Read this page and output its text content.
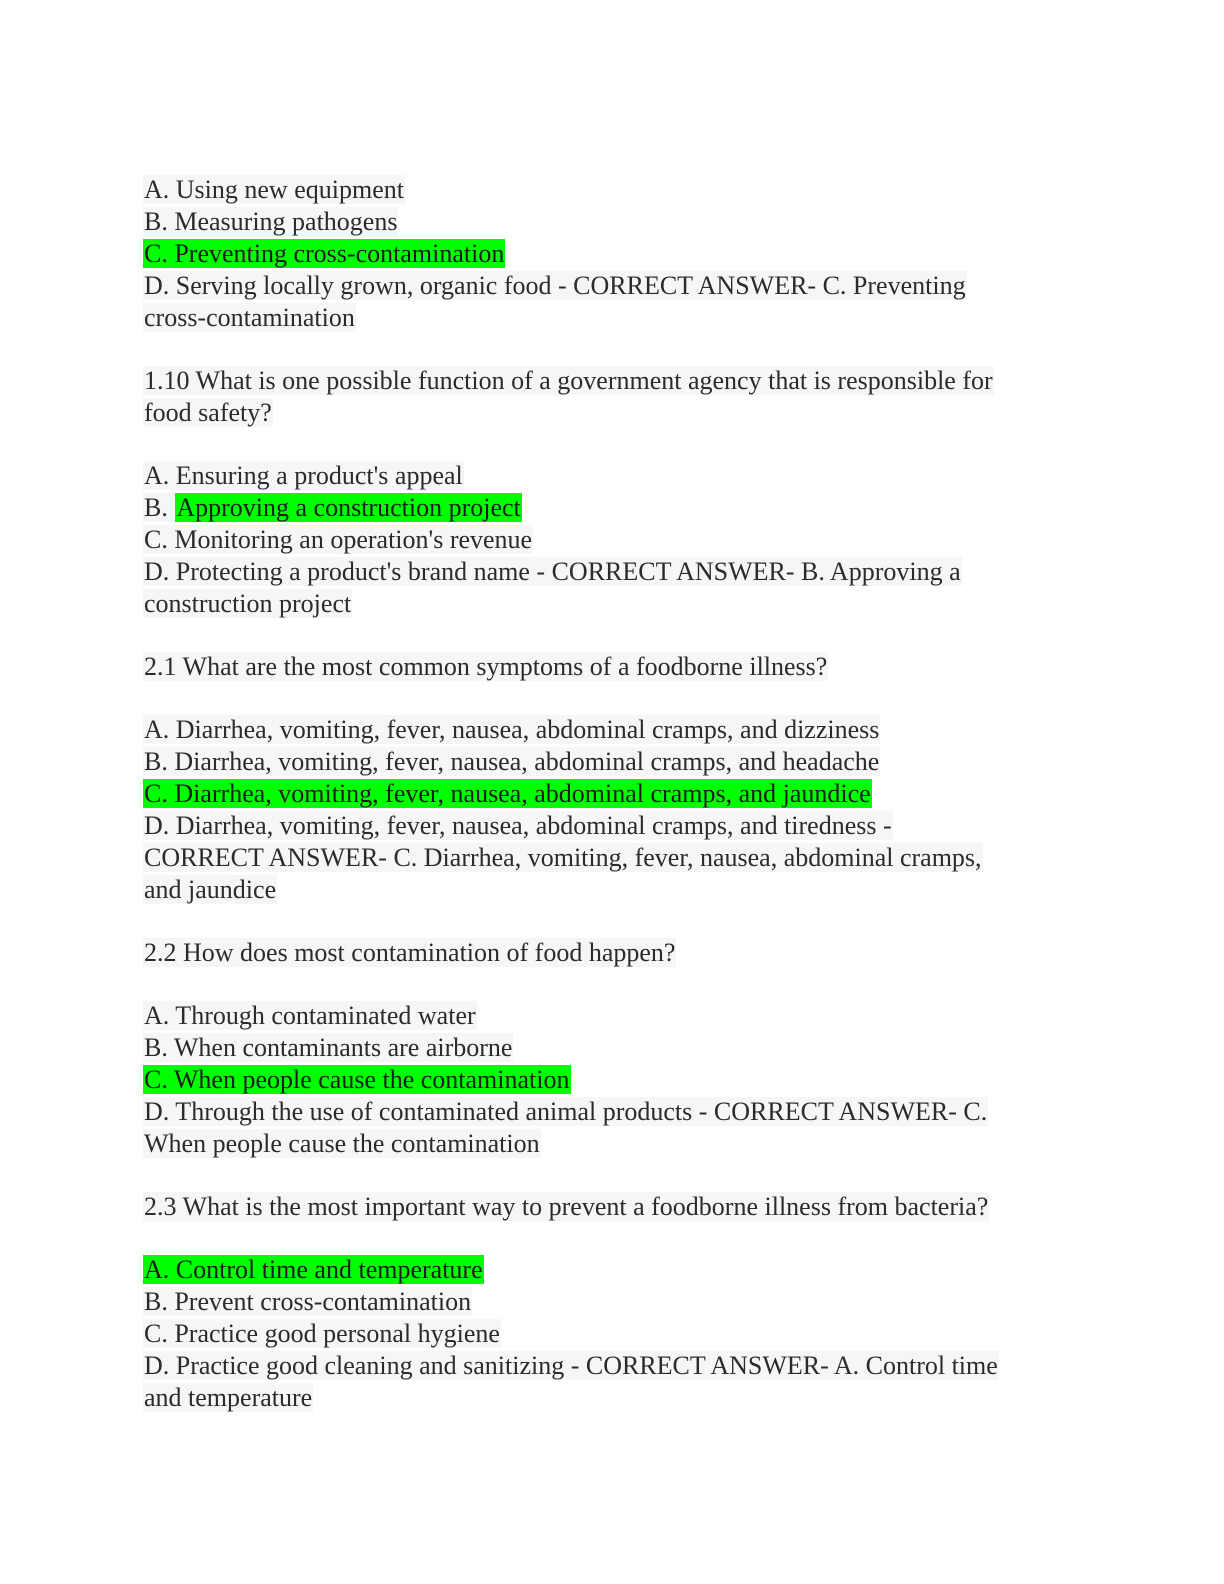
A. Using new equipment
B. Measuring pathogens
C. Preventing cross-contamination
D. Serving locally grown, organic food - CORRECT ANSWER- C. Preventing
cross-contamination
1.10 What is one possible function of a government agency that is responsible for
food safety?
A. Ensuring a product's appeal
B. Approving a construction project
C. Monitoring an operation's revenue
D. Protecting a product's brand name - CORRECT ANSWER- B. Approving a
construction project
2.1 What are the most common symptoms of a foodborne illness?
A. Diarrhea, vomiting, fever, nausea, abdominal cramps, and dizziness
B. Diarrhea, vomiting, fever, nausea, abdominal cramps, and headache
C. Diarrhea, vomiting, fever, nausea, abdominal cramps, and jaundice
D. Diarrhea, vomiting, fever, nausea, abdominal cramps, and tiredness -
CORRECT ANSWER- C. Diarrhea, vomiting, fever, nausea, abdominal cramps,
and jaundice
2.2 How does most contamination of food happen?
A. Through contaminated water
B. When contaminants are airborne
C. When people cause the contamination
D. Through the use of contaminated animal products - CORRECT ANSWER- C.
When people cause the contamination
2.3 What is the most important way to prevent a foodborne illness from bacteria?
A. Control time and temperature
B. Prevent cross-contamination
C. Practice good personal hygiene
D. Practice good cleaning and sanitizing - CORRECT ANSWER- A. Control time
and temperature
